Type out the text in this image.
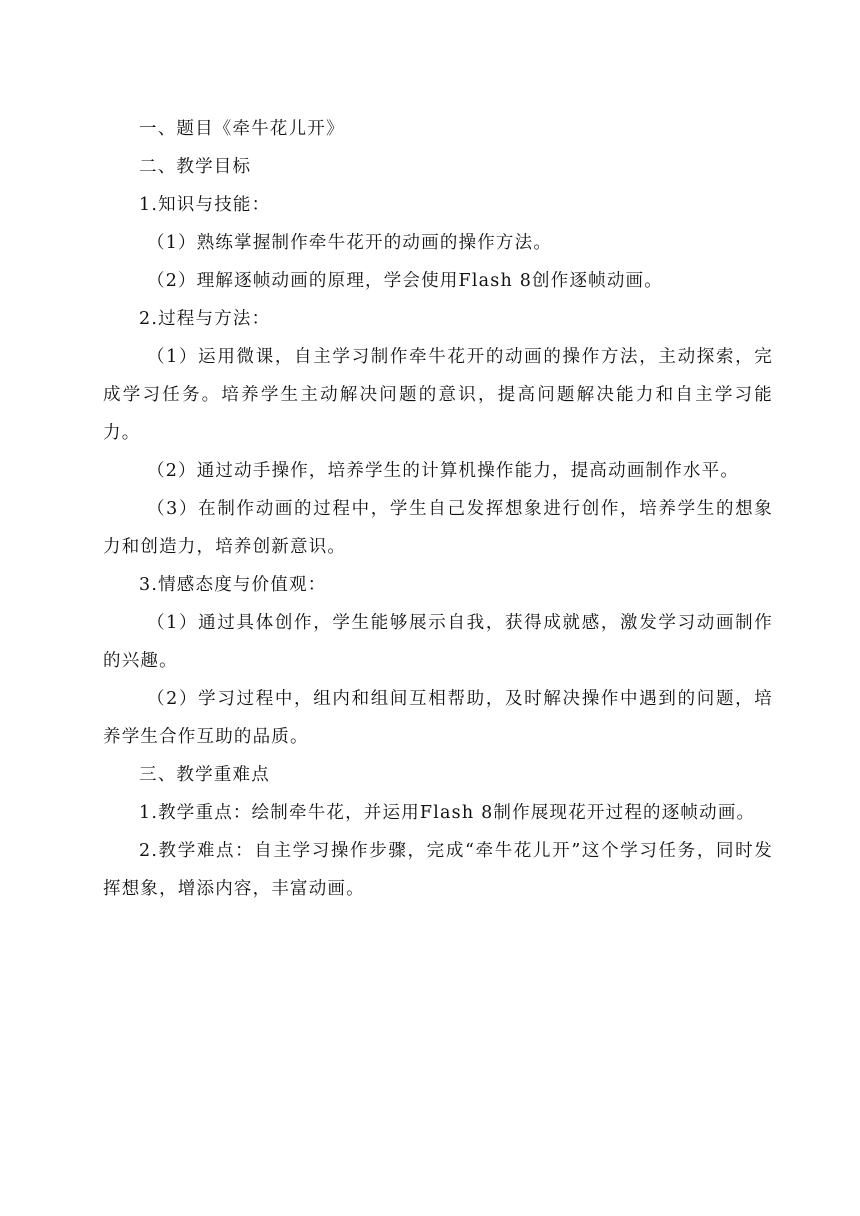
一、题目《牵牛花儿开》

二、教学目标

1.知识与技能：

（1）熟练掌握制作牵牛花开的动画的操作方法。

（2）理解逐帧动画的原理，学会使用Flash 8创作逐帧动画。

2.过程与方法：

（1）运用微课，自主学习制作牵牛花开的动画的操作方法，主动探索，完成学习任务。培养学生主动解决问题的意识，提高问题解决能力和自主学习能力。

（2）通过动手操作，培养学生的计算机操作能力，提高动画制作水平。

（3）在制作动画的过程中，学生自己发挥想象进行创作，培养学生的想象力和创造力，培养创新意识。

3.情感态度与价值观：

（1）通过具体创作，学生能够展示自我，获得成就感，激发学习动画制作的兴趣。

（2）学习过程中，组内和组间互相帮助，及时解决操作中遇到的问题，培养学生合作互助的品质。

三、教学重难点

1.教学重点：绘制牵牛花，并运用Flash 8制作展现花开过程的逐帧动画。

2.教学难点：自主学习操作步骤，完成“牵牛花儿开”这个学习任务，同时发挥想象，增添内容，丰富动画。
